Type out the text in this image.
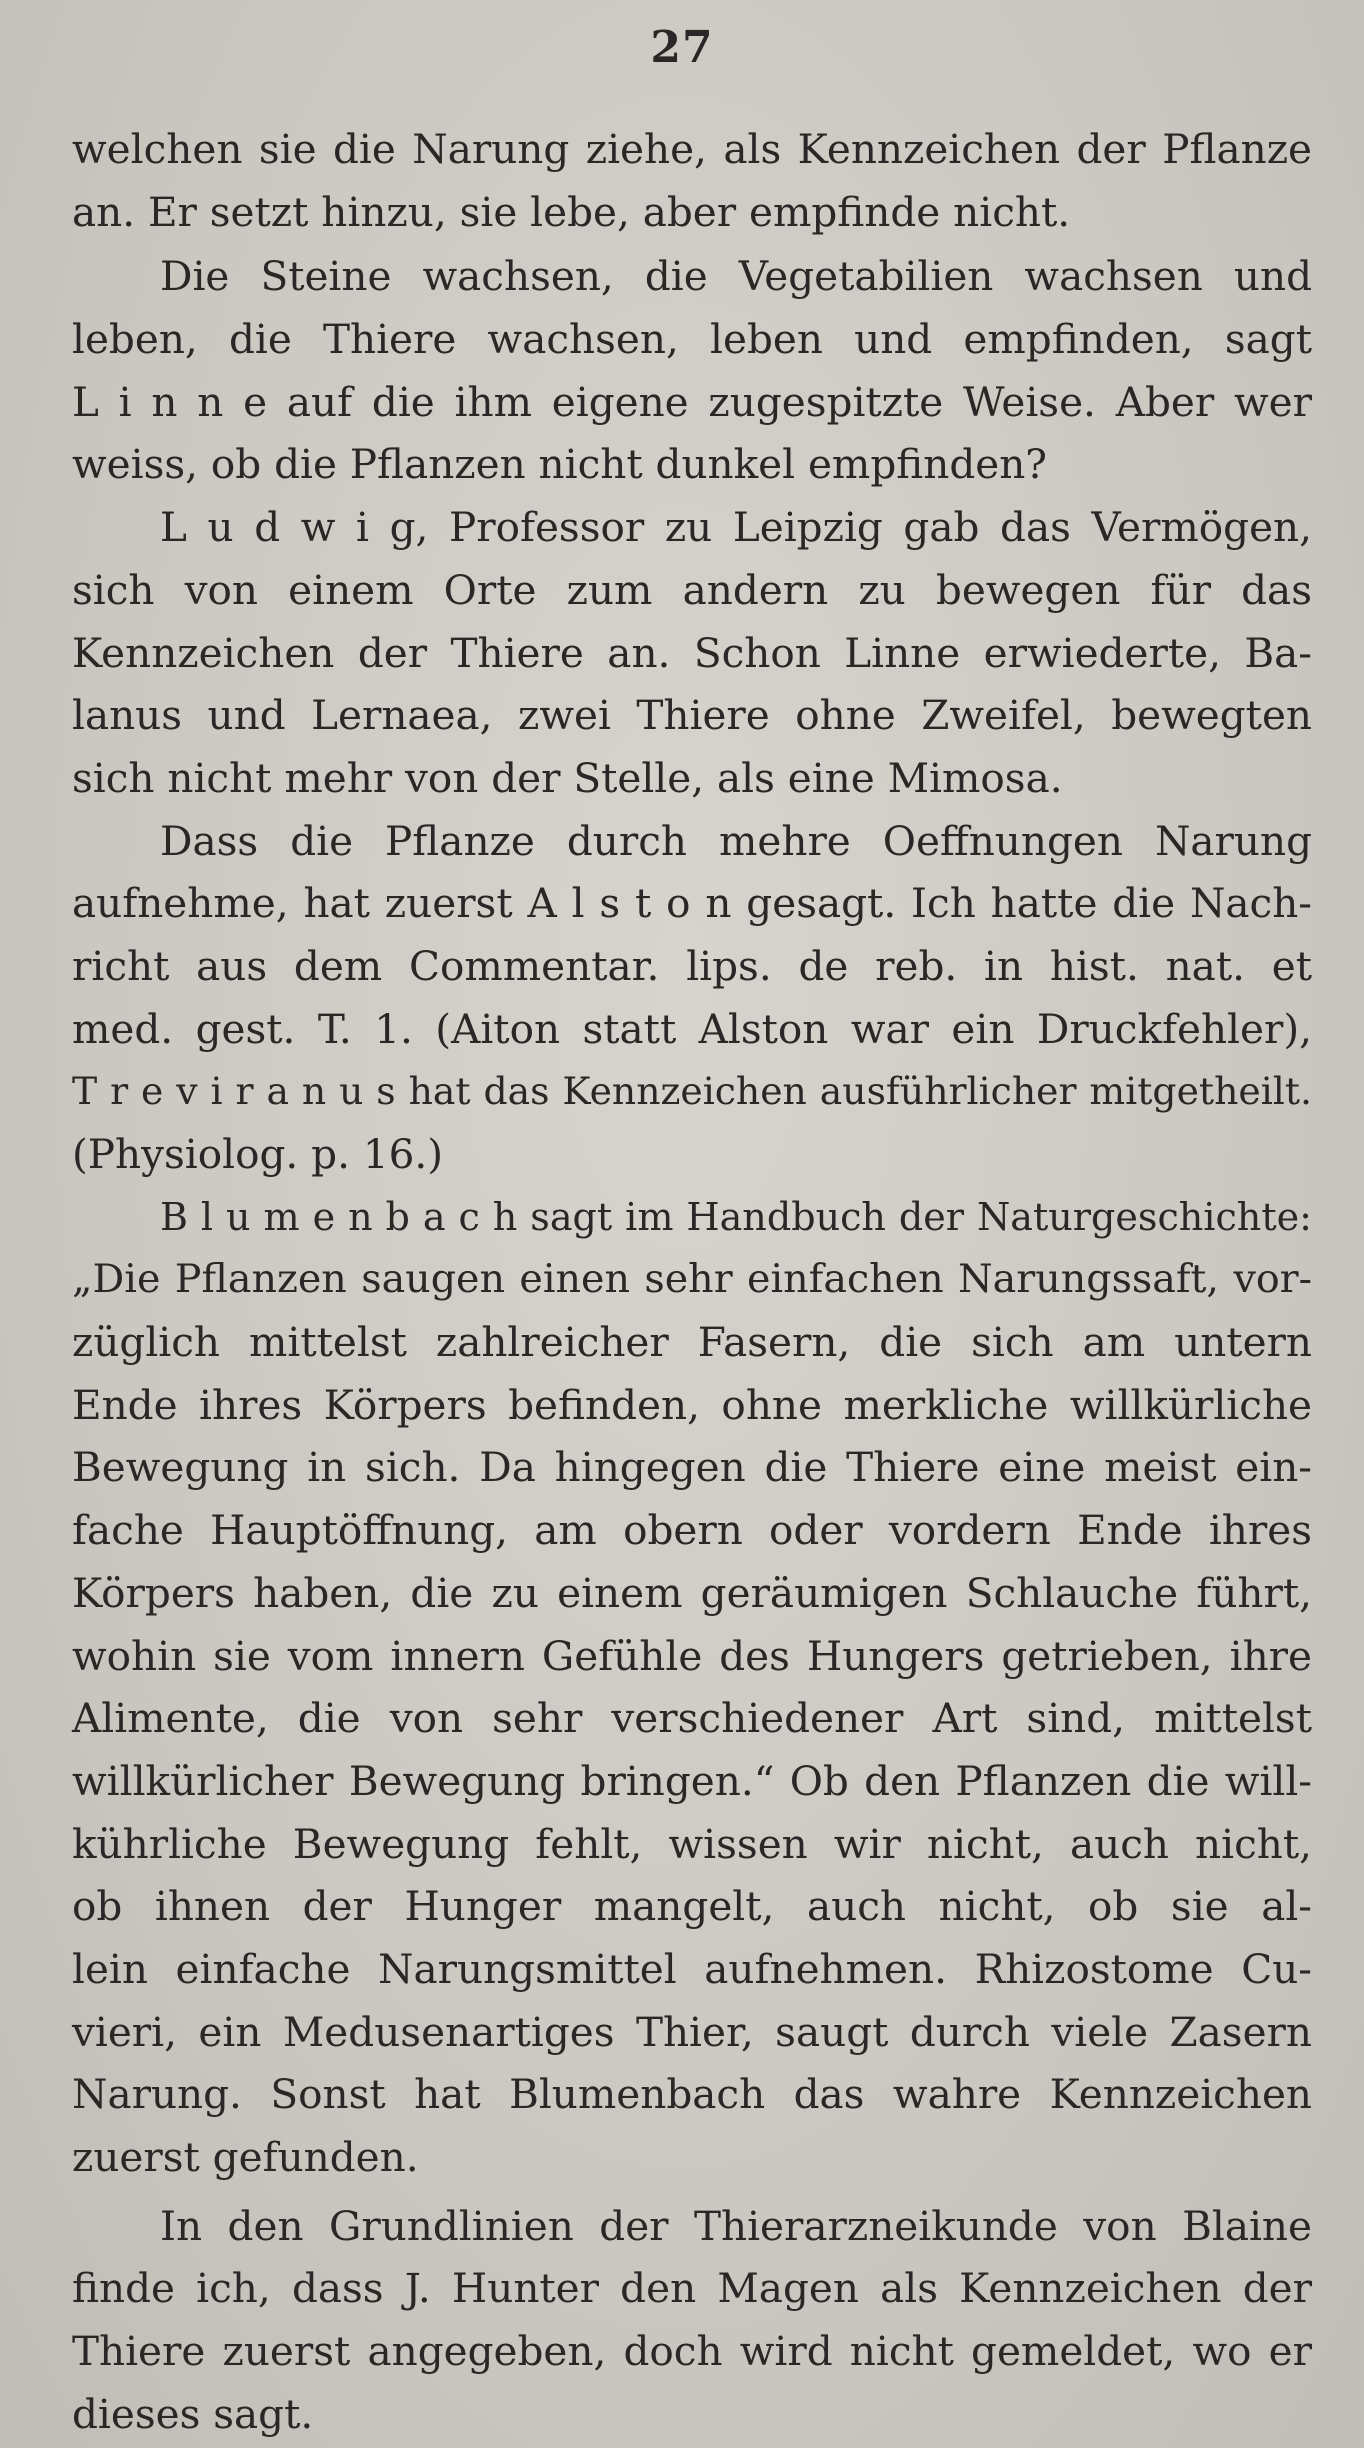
27
welchen sie die Narung ziehe, als Kennzeichen der Pflanze
an. Er setzt hinzu, sie lebe, aber empfinde nicht.
Die Steine wachsen, die Vegetabilien wachsen und
leben, die Thiere wachsen, leben und empfinden, sagt
L i n n e auf die ihm eigene zugespitzte Weise. Aber wer
weiss, ob die Pflanzen nicht dunkel empfinden?
L u d w i g, Professor zu Leipzig gab das Vermögen,
sich von einem Orte zum andern zu bewegen für das
Kennzeichen der Thiere an. Schon Linne erwiederte, Ba-
lanus und Lernaea, zwei Thiere ohne Zweifel, bewegten
sich nicht mehr von der Stelle, als eine Mimosa.
Dass die Pflanze durch mehre Oeffnungen Narung
aufnehme, hat zuerst A l s t o n gesagt. Ich hatte die Nach-
richt aus dem Commentar. lips. de reb. in hist. nat. et
med. gest. T. 1. (Aiton statt Alston war ein Druckfehler),
T r e v i r a n u s hat das Kennzeichen ausführlicher mitgetheilt.
(Physiolog. p. 16.)
B l u m e n b a c h sagt im Handbuch der Naturgeschichte:
„Die Pflanzen saugen einen sehr einfachen Narungssaft, vor-
züglich mittelst zahlreicher Fasern, die sich am untern
Ende ihres Körpers befinden, ohne merkliche willkürliche
Bewegung in sich. Da hingegen die Thiere eine meist ein-
fache Hauptöffnung, am obern oder vordern Ende ihres
Körpers haben, die zu einem geräumigen Schlauche führt,
wohin sie vom innern Gefühle des Hungers getrieben, ihre
Alimente, die von sehr verschiedener Art sind, mittelst
willkürlicher Bewegung bringen.“ Ob den Pflanzen die will-
kührliche Bewegung fehlt, wissen wir nicht, auch nicht,
ob ihnen der Hunger mangelt, auch nicht, ob sie al-
lein einfache Narungsmittel aufnehmen. Rhizostome Cu-
vieri, ein Medusenartiges Thier, saugt durch viele Zasern
Narung. Sonst hat Blumenbach das wahre Kennzeichen
zuerst gefunden.
In den Grundlinien der Thierarzneikunde von Blaine
finde ich, dass J. Hunter den Magen als Kennzeichen der
Thiere zuerst angegeben, doch wird nicht gemeldet, wo er
dieses sagt.
